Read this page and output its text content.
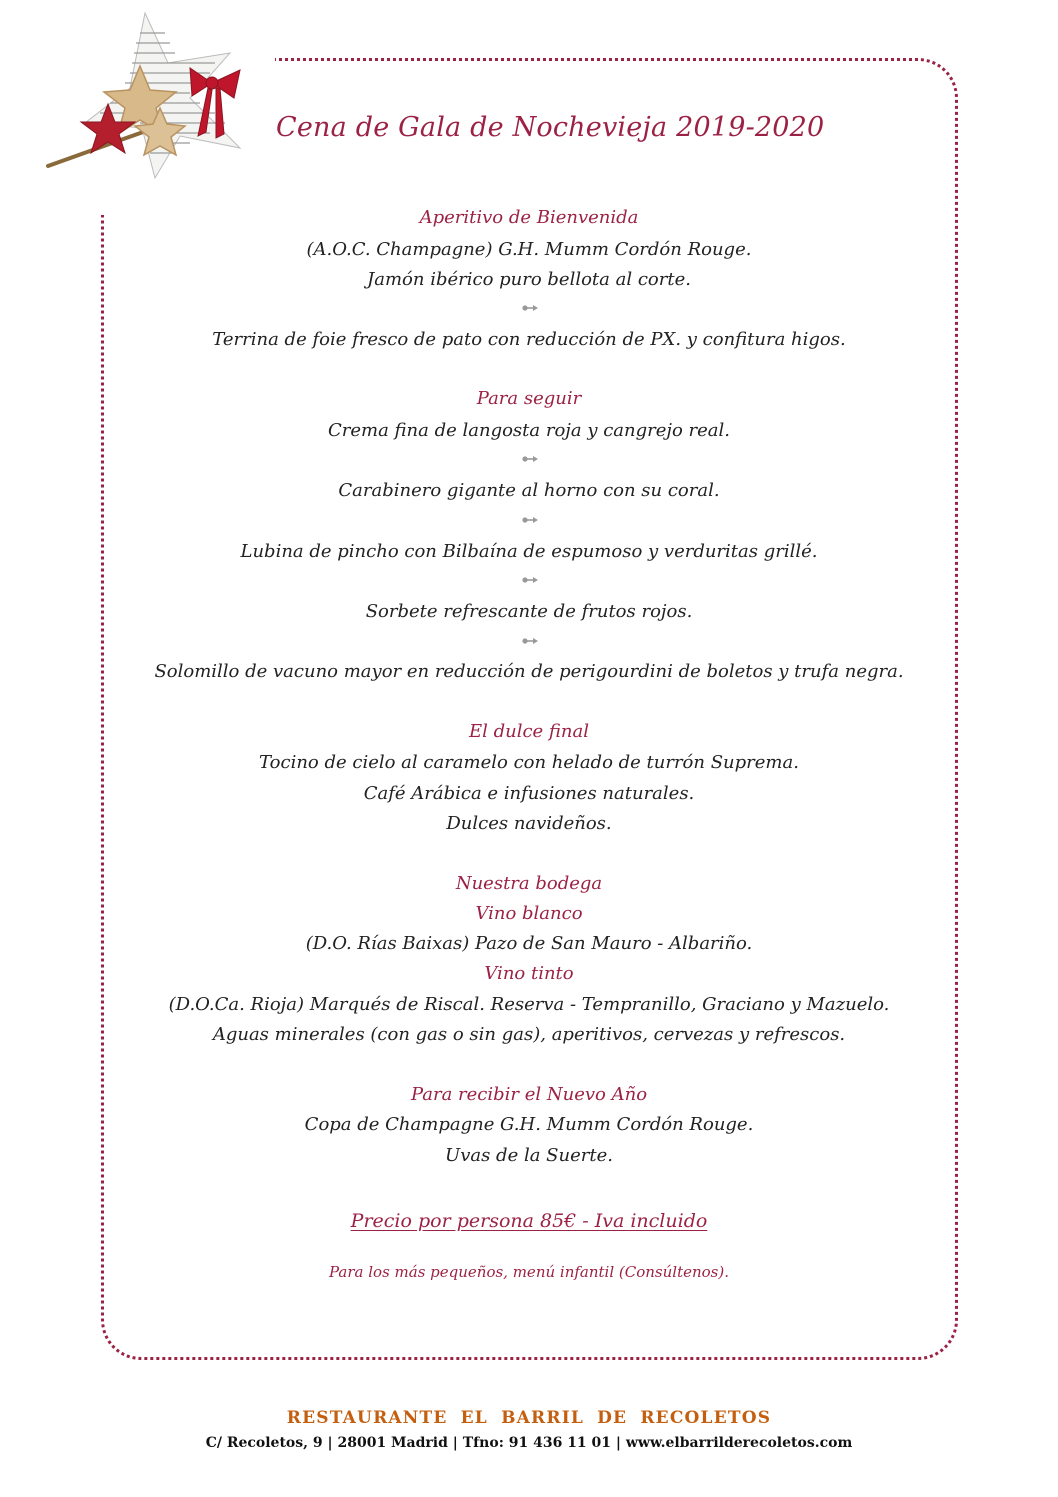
Cena de Gala de Nochevieja 2019-2020
Aperitivo de Bienvenida
(A.O.C. Champagne) G.H. Mumm Cordón Rouge.
Jamón ibérico puro bellota al corte.
Terrina de foie fresco de pato con reducción de PX. y confitura higos.
Para seguir
Crema fina de langosta roja y cangrejo real.
Carabinero gigante al horno con su coral.
Lubina de pincho con Bilbaína de espumoso y verduritas grillé.
Sorbete refrescante de frutos rojos.
Solomillo de vacuno mayor en reducción de perigourdini de boletos y trufa negra.
El dulce final
Tocino de cielo al caramelo con helado de turrón Suprema.
Café Arábica e infusiones naturales.
Dulces navideños.
Nuestra bodega
Vino blanco
(D.O. Rías Baixas) Pazo de San Mauro - Albariño.
Vino tinto
(D.O.Ca. Rioja) Marqués de Riscal. Reserva - Tempranillo, Graciano y Mazuelo.
Aguas minerales (con gas o sin gas), aperitivos, cervezas y refrescos.
Para recibir el Nuevo Año
Copa de Champagne G.H. Mumm Cordón Rouge.
Uvas de la Suerte.
Precio por persona 85€ - Iva incluido
Para los más pequeños, menú infantil (Consúltenos).
RESTAURANTE EL BARRIL DE RECOLETOS
C/ Recoletos, 9 | 28001 Madrid | Tfno: 91 436 11 01 | www.elbarrilderecoletos.com
